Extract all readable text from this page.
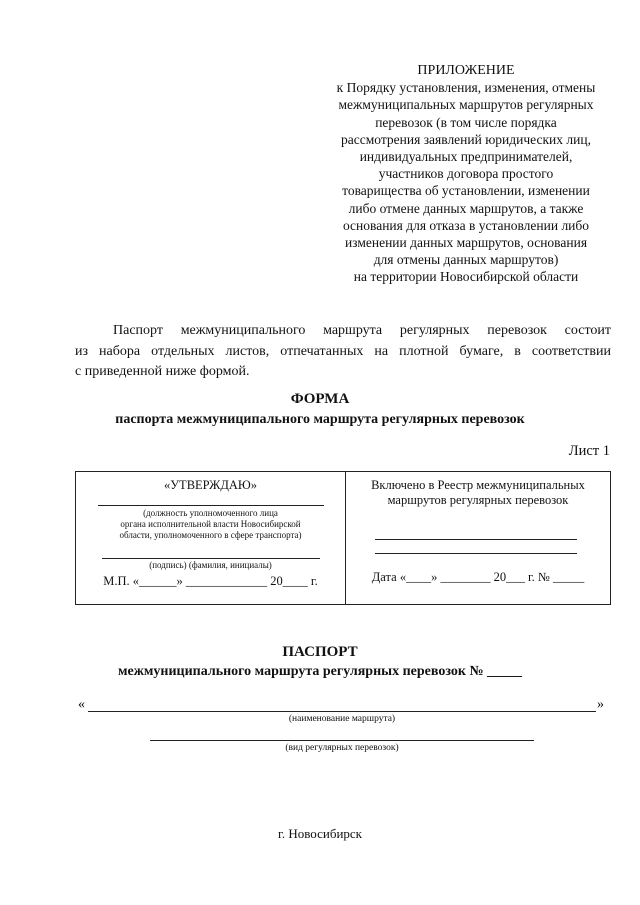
ПРИЛОЖЕНИЕ
к Порядку установления, изменения, отмены
межмуниципальных маршрутов регулярных
перевозок (в том числе порядка
рассмотрения заявлений юридических лиц,
индивидуальных предпринимателей,
участников договора простого
товарищества об установлении, изменении
либо отмене данных маршрутов, а также
основания для отказа в установлении либо
изменении данных маршрутов, основания
для отмены данных маршрутов)
на территории Новосибирской области
Паспорт межмуниципального маршрута регулярных перевозок состоит
из набора отдельных листов, отпечатанных на плотной бумаге, в соответствии
с приведенной ниже формой.
ФОРМА
паспорта межмуниципального маршрута регулярных перевозок
Лист 1
«УТВЕРЖДАЮ»
(должность уполномоченного лица
органа исполнительной власти Новосибирской
области, уполномоченного в сфере транспорта)
(подпись) (фамилия, инициалы)
М.П. «______» _____________ 20____ г.
Включено в Реестр межмуниципальных
маршрутов регулярных перевозок
Дата «____» ________ 20___ г. № _____
ПАСПОРТ
межмуниципального маршрута регулярных перевозок № _____
«	»
(наименование маршрута)
(вид регулярных перевозок)
г. Новосибирск
